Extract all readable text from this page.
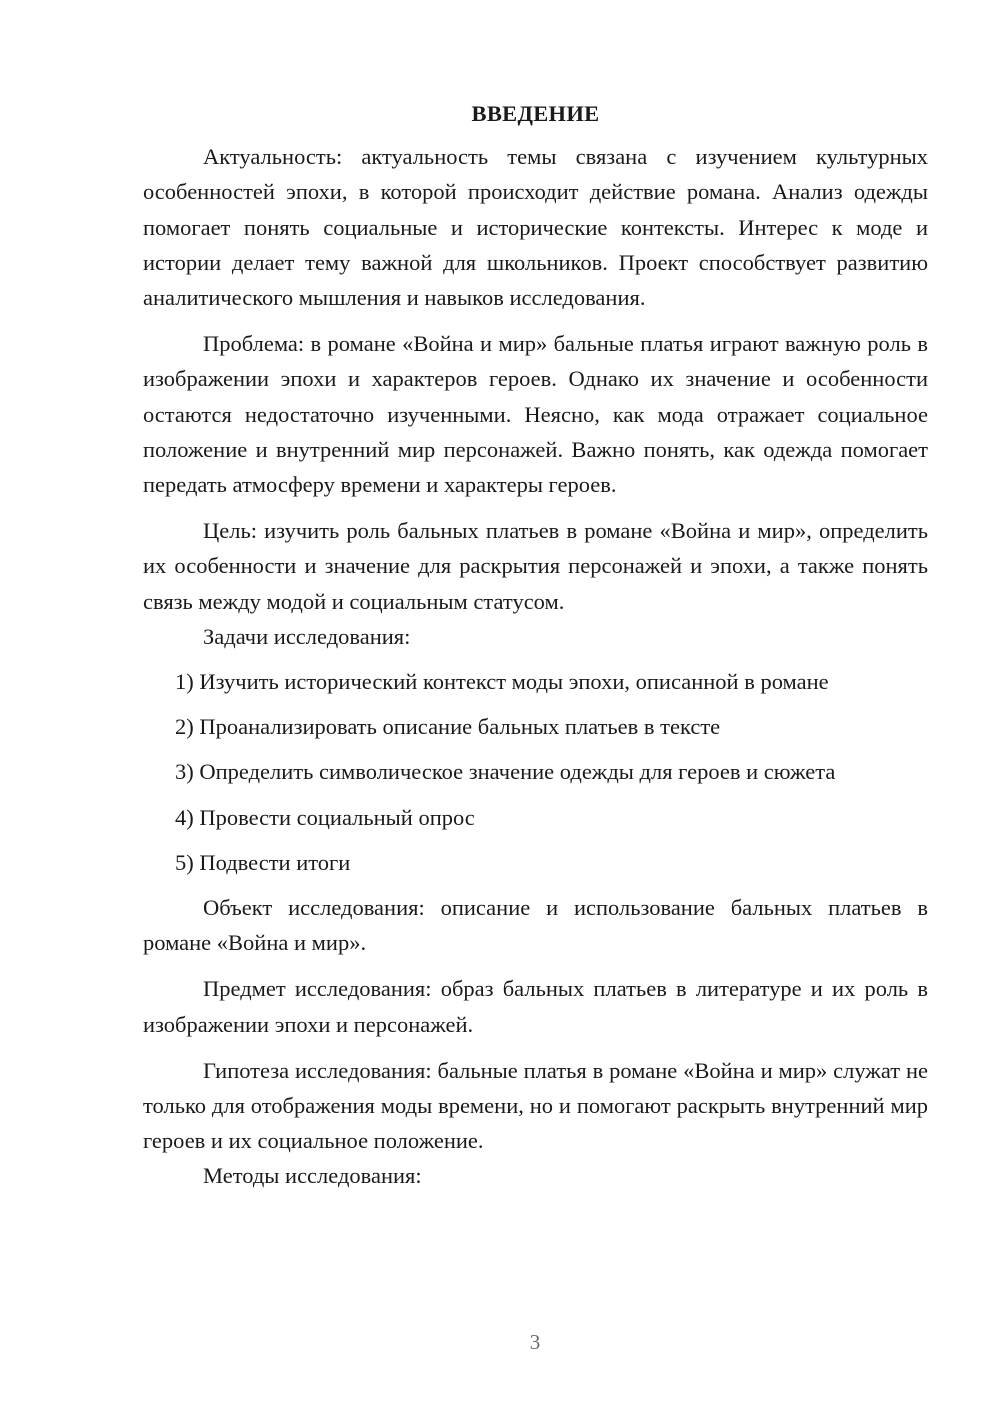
ВВЕДЕНИЕ

Актуальность: актуальность темы связана с изучением культурных особенностей эпохи, в которой происходит действие романа. Анализ одежды помогает понять социальные и исторические контексты. Интерес к моде и истории делает тему важной для школьников. Проект способствует развитию аналитического мышления и навыков исследования.

Проблема: в романе «Война и мир» бальные платья играют важную роль в изображении эпохи и характеров героев. Однако их значение и особенности остаются недостаточно изученными. Неясно, как мода отражает социальное положение и внутренний мир персонажей. Важно понять, как одежда помогает передать атмосферу времени и характеры героев.

Цель: изучить роль бальных платьев в романе «Война и мир», определить их особенности и значение для раскрытия персонажей и эпохи, а также понять связь между модой и социальным статусом.

Задачи исследования:

1) Изучить исторический контекст моды эпохи, описанной в романе
2) Проанализировать описание бальных платьев в тексте
3) Определить символическое значение одежды для героев и сюжета
4) Провести социальный опрос
5) Подвести итоги

Объект исследования: описание и использование бальных платьев в романе «Война и мир».

Предмет исследования: образ бальных платьев в литературе и их роль в изображении эпохи и персонажей.

Гипотеза исследования: бальные платья в романе «Война и мир» служат не только для отображения моды времени, но и помогают раскрыть внутренний мир героев и их социальное положение.

Методы исследования:

3
